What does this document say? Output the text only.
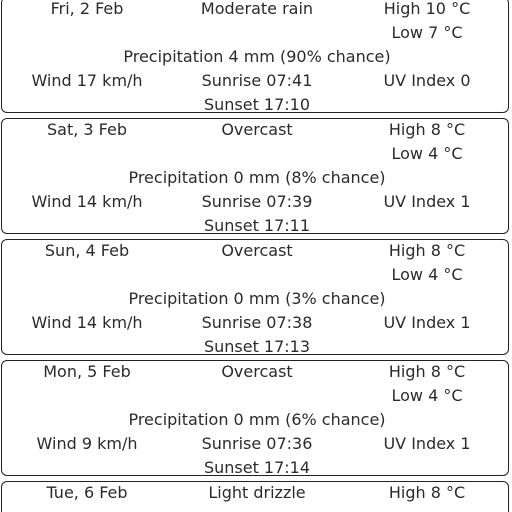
Fri, 2 Feb	Moderate rain	High 10 °C
Low 7 °C
Precipitation 4 mm (90% chance)
Wind 17 km/h	Sunrise 07:41	UV Index 0
Sunset 17:10
Sat, 3 Feb	Overcast	High 8 °C
Low 4 °C
Precipitation 0 mm (8% chance)
Wind 14 km/h	Sunrise 07:39	UV Index 1
Sunset 17:11
Sun, 4 Feb	Overcast	High 8 °C
Low 4 °C
Precipitation 0 mm (3% chance)
Wind 14 km/h	Sunrise 07:38	UV Index 1
Sunset 17:13
Mon, 5 Feb	Overcast	High 8 °C
Low 4 °C
Precipitation 0 mm (6% chance)
Wind 9 km/h	Sunrise 07:36	UV Index 1
Sunset 17:14
Tue, 6 Feb	Light drizzle	High 8 °C
